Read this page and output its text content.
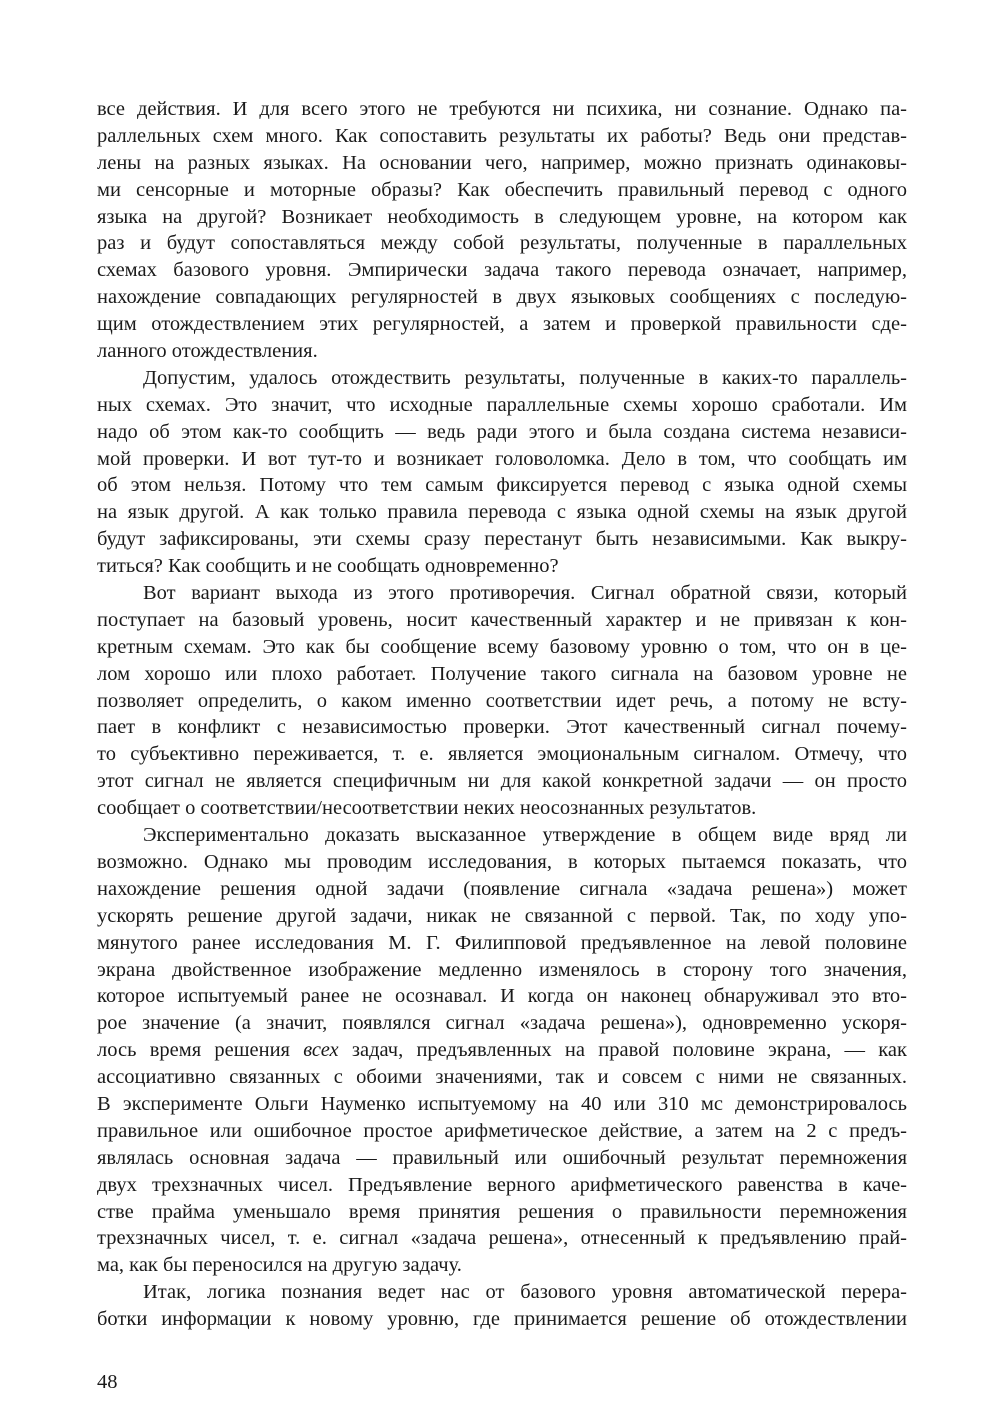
все действия. И для всего этого не требуются ни психика, ни сознание. Однако па-
раллельных схем много. Как сопоставить результаты их работы? Ведь они представ-
лены на разных языках. На основании чего, например, можно признать одинаковы-
ми сенсорные и моторные образы? Как обеспечить правильный перевод с одного
языка на другой? Возникает необходимость в следующем уровне, на котором как
раз и будут сопоставляться между собой результаты, полученные в параллельных
схемах базового уровня. Эмпирически задача такого перевода означает, например,
нахождение совпадающих регулярностей в двух языковых сообщениях с последую-
щим отождествлением этих регулярностей, а затем и проверкой правильности сде-
ланного отождествления.
Допустим, удалось отождествить результаты, полученные в каких-то параллель-
ных схемах. Это значит, что исходные параллельные схемы хорошо сработали. Им
надо об этом как-то сообщить — ведь ради этого и была создана система независи-
мой проверки. И вот тут-то и возникает головоломка. Дело в том, что сообщать им
об этом нельзя. Потому что тем самым фиксируется перевод с языка одной схемы
на язык другой. А как только правила перевода с языка одной схемы на язык другой
будут зафиксированы, эти схемы сразу перестанут быть независимыми. Как выкру-
титься? Как сообщить и не сообщать одновременно?
Вот вариант выхода из этого противоречия. Сигнал обратной связи, который
поступает на базовый уровень, носит качественный характер и не привязан к кон-
кретным схемам. Это как бы сообщение всему базовому уровню о том, что он в це-
лом хорошо или плохо работает. Получение такого сигнала на базовом уровне не
позволяет определить, о каком именно соответствии идет речь, а потому не всту-
пает в конфликт с независимостью проверки. Этот качественный сигнал почему-
то субъективно переживается, т. е. является эмоциональным сигналом. Отмечу, что
этот сигнал не является специфичным ни для какой конкретной задачи — он просто
сообщает о соответствии/несоответствии неких неосознанных результатов.
Экспериментально доказать высказанное утверждение в общем виде вряд ли
возможно. Однако мы проводим исследования, в которых пытаемся показать, что
нахождение решения одной задачи (появление сигнала «задача решена») может
ускорять решение другой задачи, никак не связанной с первой. Так, по ходу упо-
мянутого ранее исследования М. Г. Филипповой предъявленное на левой половине
экрана двойственное изображение медленно изменялось в сторону того значения,
которое испытуемый ранее не осознавал. И когда он наконец обнаруживал это вто-
рое значение (а значит, появлялся сигнал «задача решена»), одновременно ускоря-
лось время решения всех задач, предъявленных на правой половине экрана, — как
ассоциативно связанных с обоими значениями, так и совсем с ними не связанных.
В эксперименте Ольги Науменко испытуемому на 40 или 310 мс демонстрировалось
правильное или ошибочное простое арифметическое действие, а затем на 2 с предъ-
являлась основная задача — правильный или ошибочный результат перемножения
двух трехзначных чисел. Предъявление верного арифметического равенства в каче-
стве прайма уменьшало время принятия решения о правильности перемножения
трехзначных чисел, т. е. сигнал «задача решена», отнесенный к предъявлению прай-
ма, как бы переносился на другую задачу.
Итак, логика познания ведет нас от базового уровня автоматической перера-
ботки информации к новому уровню, где принимается решение об отождествлении
48
